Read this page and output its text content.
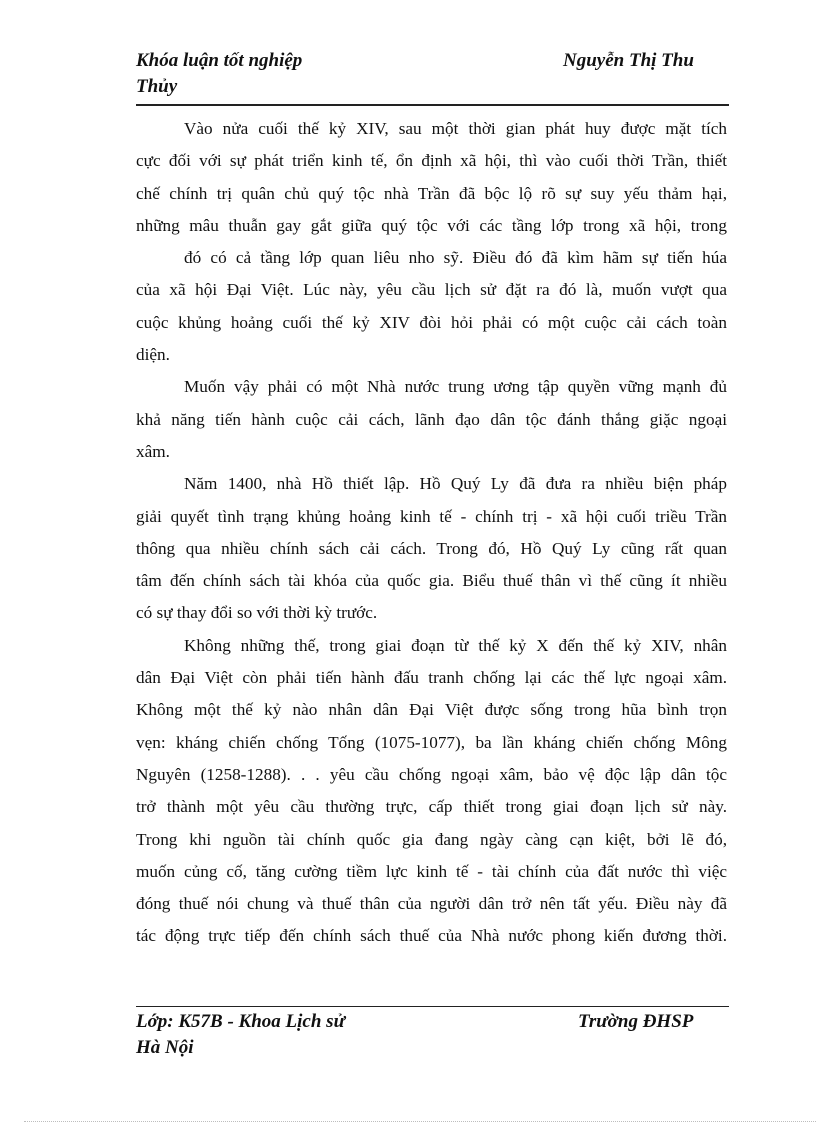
Khóa luận tốt nghiệp	Nguyễn Thị Thu
Thủy
Vào nửa cuối thế kỷ XIV, sau một thời gian phát huy được mặt tích
cực đối với sự phát triển kinh tế, ổn định xã hội, thì vào cuối thời Trần, thiết
chế chính trị quân chủ quý tộc nhà Trần đã bộc lộ rõ sự suy yếu thảm hại,
những mâu thuẫn gay gắt giữa quý tộc với các tầng lớp trong xã hội, trong
đó có cả tầng lớp quan liêu nho sỹ. Điều đó đã kìm hãm sự tiến húa
của xã hội Đại Việt. Lúc này, yêu cầu lịch sử đặt ra đó là, muốn vượt qua
cuộc khủng hoảng cuối thế kỷ XIV đòi hỏi phải có một cuộc cải cách toàn
diện.
Muốn vậy phải có một Nhà nước trung ương tập quyền vững mạnh đủ
khả năng tiến hành cuộc cải cách, lãnh đạo dân tộc đánh thắng giặc ngoại
xâm.
Năm 1400, nhà Hồ thiết lập. Hồ Quý Ly đã đưa ra nhiều biện pháp
giải quyết tình trạng khủng hoảng kinh tế - chính trị - xã hội cuối triều Trần
thông qua nhiều chính sách cải cách. Trong đó, Hồ Quý Ly cũng rất quan
tâm đến chính sách tài khóa của quốc gia. Biểu thuế thân vì thế cũng ít nhiều
có sự thay đổi so với thời kỳ trước.
Không những thế, trong giai đoạn từ thế kỷ X đến thế kỷ XIV, nhân
dân Đại Việt còn phải tiến hành đấu tranh chống lại các thế lực ngoại xâm.
Không một thế kỷ nào nhân dân Đại Việt được sống trong hũa bình trọn
vẹn: kháng chiến chống Tống (1075-1077), ba lần kháng chiến chống Mông
Nguyên (1258-1288). . . yêu cầu chống ngoại xâm, bảo vệ độc lập dân tộc
trở thành một yêu cầu thường trực, cấp thiết trong giai đoạn lịch sử này.
Trong khi nguồn tài chính quốc gia đang ngày càng cạn kiệt, bởi lẽ đó,
muốn củng cố, tăng cường tiềm lực kinh tế - tài chính của đất nước thì việc
đóng thuế nói chung và thuế thân của người dân trở nên tất yếu. Điều này đã
tác động trực tiếp đến chính sách thuế của Nhà nước phong kiến đương thời.
Lớp: K57B - Khoa Lịch sử	Trường ĐHSP
Hà Nội
